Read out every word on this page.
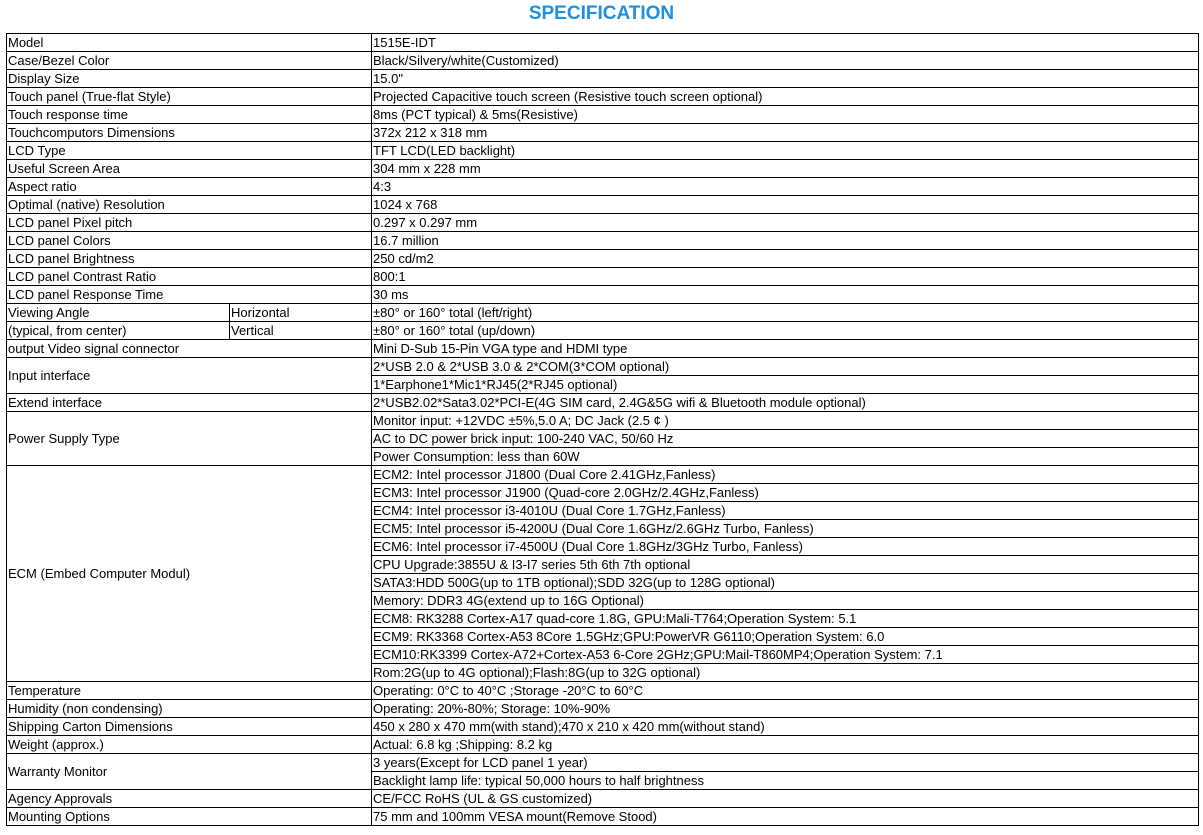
SPECIFICATION
Model		1515E-IDT
Case/Bezel Color		Black/Silvery/white(Customized)
Display Size		15.0"
Touch panel (True-flat Style)		Projected Capacitive touch screen (Resistive touch screen optional)
Touch response time		8ms (PCT typical) & 5ms(Resistive)
Touchcomputors Dimensions		372x 212 x 318 mm
LCD Type		TFT LCD(LED backlight)
Useful Screen Area		304 mm x 228 mm
Aspect ratio		4:3
Optimal (native) Resolution		1024 x 768
LCD panel Pixel pitch		0.297 x 0.297 mm
LCD panel Colors		16.7 million
LCD panel Brightness		250 cd/m2
LCD panel Contrast Ratio		800:1
LCD panel Response Time		30 ms
Viewing Angle	Horizontal	±80° or 160° total (left/right)
(typical, from center)	Vertical	±80° or 160° total (up/down)
output Video signal connector		Mini D-Sub 15-Pin VGA type and HDMI type
Input interface		2*USB 2.0 & 2*USB 3.0 & 2*COM(3*COM optional)
		1*Earphone1*Mic1*RJ45(2*RJ45 optional)
Extend interface		2*USB2.02*Sata3.02*PCI-E(4G SIM card, 2.4G&5G wifi & Bluetooth module optional)
Power Supply Type		Monitor input: +12VDC ±5%,5.0 A; DC Jack (2.5 ¢ )
		AC to DC power brick input: 100-240 VAC, 50/60 Hz
		Power Consumption: less than 60W
ECM (Embed Computer Modul)		ECM2: Intel processor J1800 (Dual Core 2.41GHz,Fanless)
		ECM3: Intel processor J1900 (Quad-core 2.0GHz/2.4GHz,Fanless)
		ECM4: Intel processor i3-4010U (Dual Core 1.7GHz,Fanless)
		ECM5: Intel processor i5-4200U (Dual Core 1.6GHz/2.6GHz Turbo, Fanless)
		ECM6: Intel processor i7-4500U (Dual Core 1.8GHz/3GHz Turbo, Fanless)
		CPU Upgrade:3855U & I3-I7 series 5th 6th 7th optional
		SATA3:HDD 500G(up to 1TB optional);SDD 32G(up to 128G optional)
		Memory: DDR3 4G(extend up to 16G Optional)
		ECM8: RK3288 Cortex-A17 quad-core 1.8G, GPU:Mali-T764;Operation System: 5.1
		ECM9: RK3368 Cortex-A53 8Core 1.5GHz;GPU:PowerVR G6110;Operation System: 6.0
		ECM10:RK3399 Cortex-A72+Cortex-A53 6-Core 2GHz;GPU:Mail-T860MP4;Operation System: 7.1
		Rom:2G(up to 4G optional);Flash:8G(up to 32G optional)
Temperature		Operating: 0°C to 40°C ;Storage -20°C to 60°C
Humidity (non condensing)		Operating: 20%-80%; Storage: 10%-90%
Shipping Carton Dimensions		450 x 280 x 470 mm(with stand);470 x 210 x 420 mm(without stand)
Weight (approx.)		Actual: 6.8 kg ;Shipping: 8.2 kg
Warranty Monitor		3 years(Except for LCD panel 1 year)
		Backlight lamp life: typical 50,000 hours to half brightness
Agency Approvals		CE/FCC RoHS (UL & GS customized)
Mounting Options		75 mm and 100mm VESA mount(Remove Stood)
